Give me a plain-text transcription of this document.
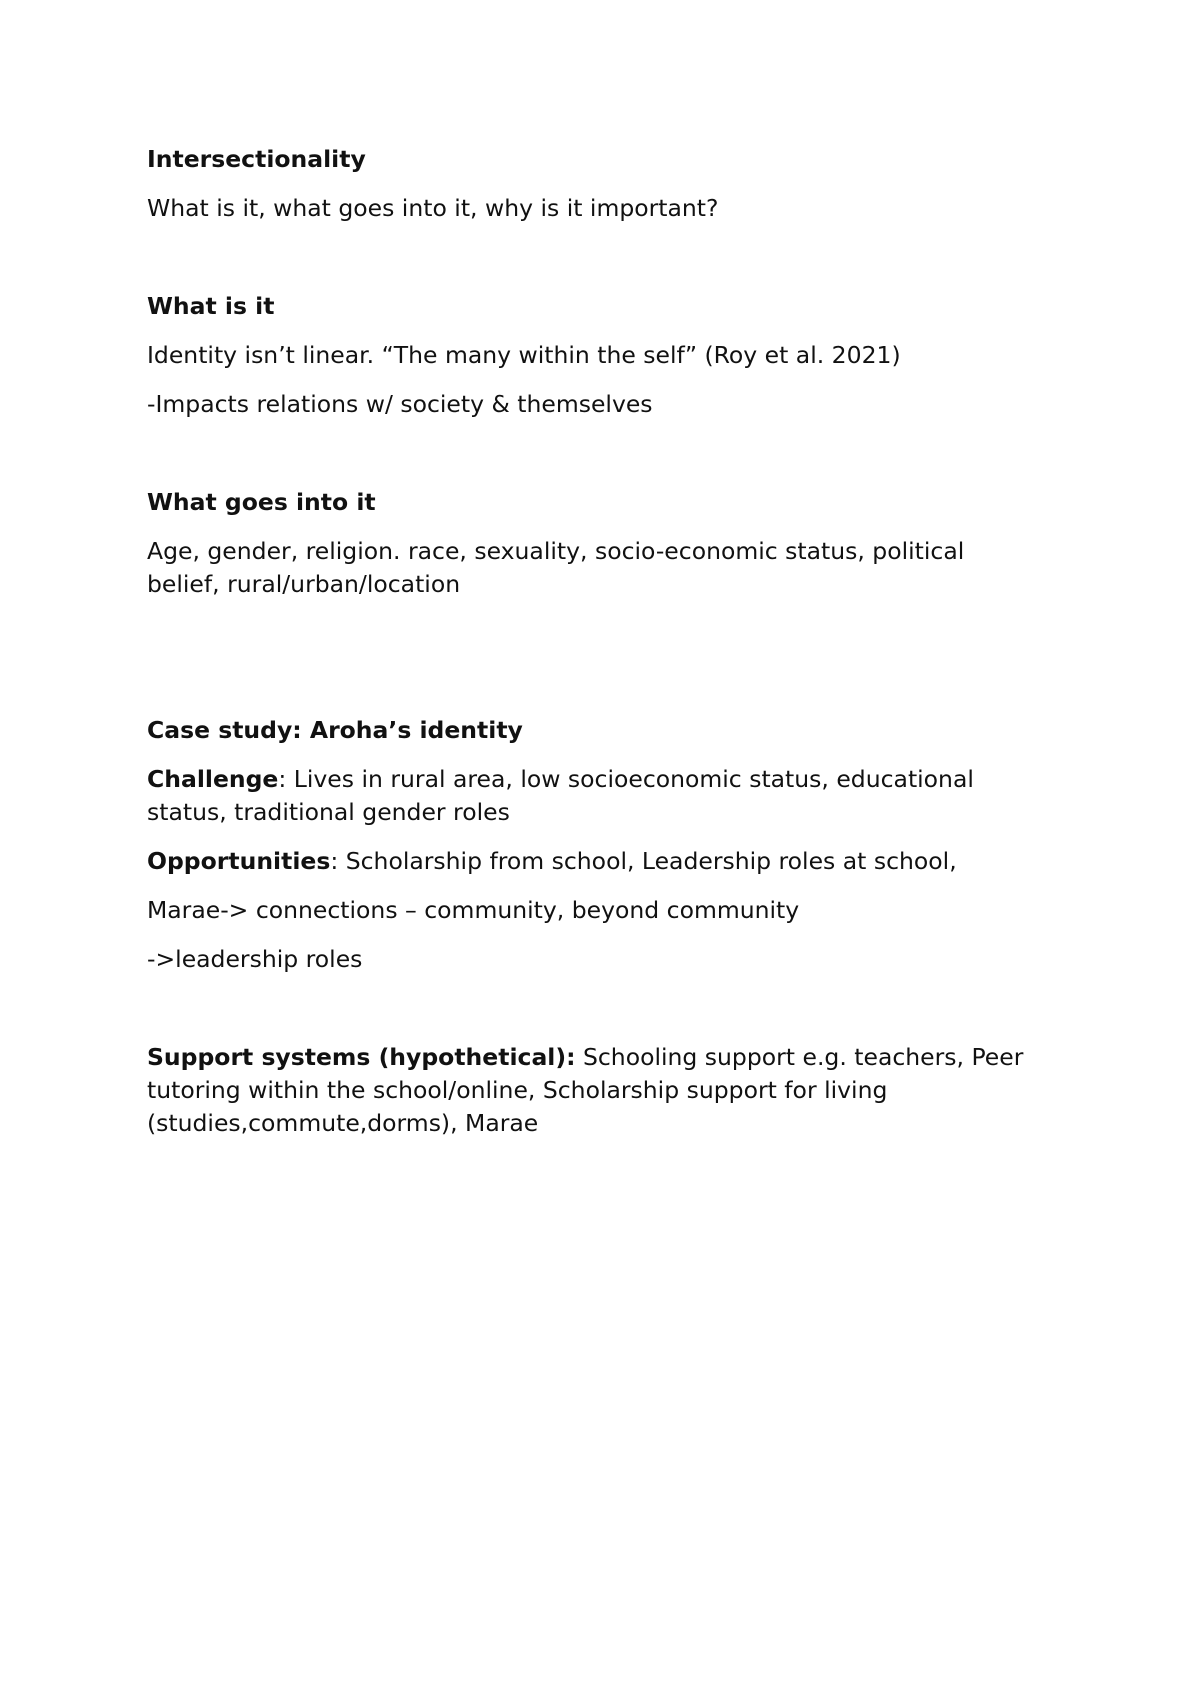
Intersectionality
What is it, what goes into it, why is it important?
What is it
Identity isn’t linear. “The many within the self” (Roy et al. 2021)
-Impacts relations w/ society & themselves
What goes into it
Age, gender, religion. race, sexuality, socio-economic status, political belief, rural/urban/location
Case study: Aroha’s identity
Challenge: Lives in rural area, low socioeconomic status, educational status, traditional gender roles
Opportunities: Scholarship from school, Leadership roles at school,
Marae-> connections – community, beyond community
->leadership roles
Support systems (hypothetical): Schooling support e.g. teachers, Peer tutoring within the school/online, Scholarship support for living (studies,commute,dorms), Marae
